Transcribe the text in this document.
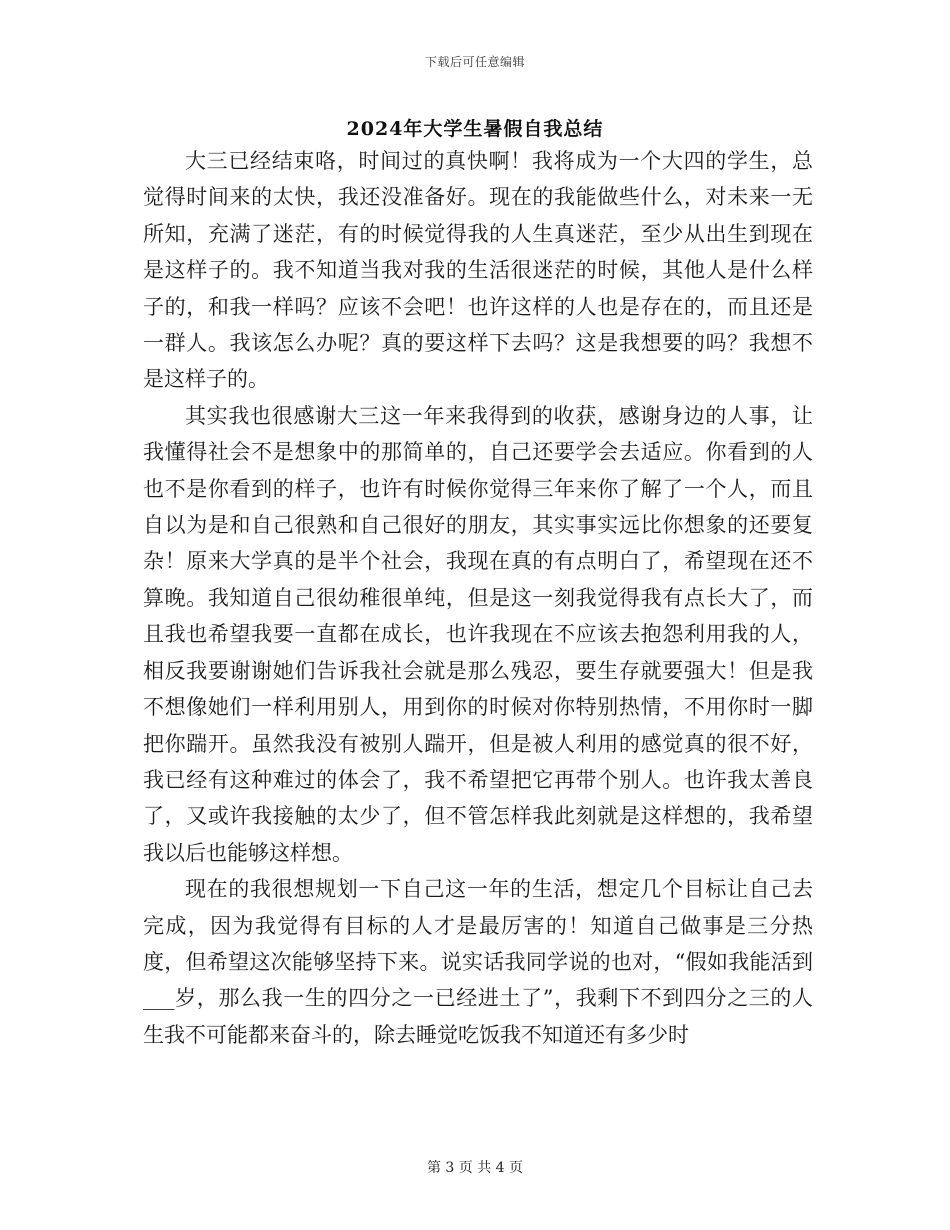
下载后可任意编辑
2024年大学生暑假自我总结

大三已经结束咯，时间过的真快啊！我将成为一个大四的学生，总觉得时间来的太快，我还没准备好。现在的我能做些什么，对未来一无所知，充满了迷茫，有的时候觉得我的人生真迷茫，至少从出生到现在是这样子的。我不知道当我对我的生活很迷茫的时候，其他人是什么样子的，和我一样吗？应该不会吧！也许这样的人也是存在的，而且还是一群人。我该怎么办呢？真的要这样下去吗？这是我想要的吗？我想不是这样子的。

其实我也很感谢大三这一年来我得到的收获，感谢身边的人事，让我懂得社会不是想象中的那简单的，自己还要学会去适应。你看到的人也不是你看到的样子，也许有时候你觉得三年来你了解了一个人，而且自以为是和自己很熟和自己很好的朋友，其实事实远比你想象的还要复杂！原来大学真的是半个社会，我现在真的有点明白了，希望现在还不算晚。我知道自己很幼稚很单纯，但是这一刻我觉得我有点长大了，而且我也希望我要一直都在成长，也许我现在不应该去抱怨利用我的人，相反我要谢谢她们告诉我社会就是那么残忍，要生存就要强大！但是我不想像她们一样利用别人，用到你的时候对你特别热情，不用你时一脚把你踹开。虽然我没有被别人踹开，但是被人利用的感觉真的很不好，我已经有这种难过的体会了，我不希望把它再带个别人。也许我太善良了，又或许我接触的太少了，但不管怎样我此刻就是这样想的，我希望我以后也能够这样想。

现在的我很想规划一下自己这一年的生活，想定几个目标让自己去完成，因为我觉得有目标的人才是最厉害的！知道自己做事是三分热度，但希望这次能够坚持下来。说实话我同学说的也对，“假如我能活到___岁，那么我一生的四分之一已经进土了”，我剩下不到四分之三的人生我不可能都来奋斗的，除去睡觉吃饭我不知道还有多少时

第 3 页 共 4 页
